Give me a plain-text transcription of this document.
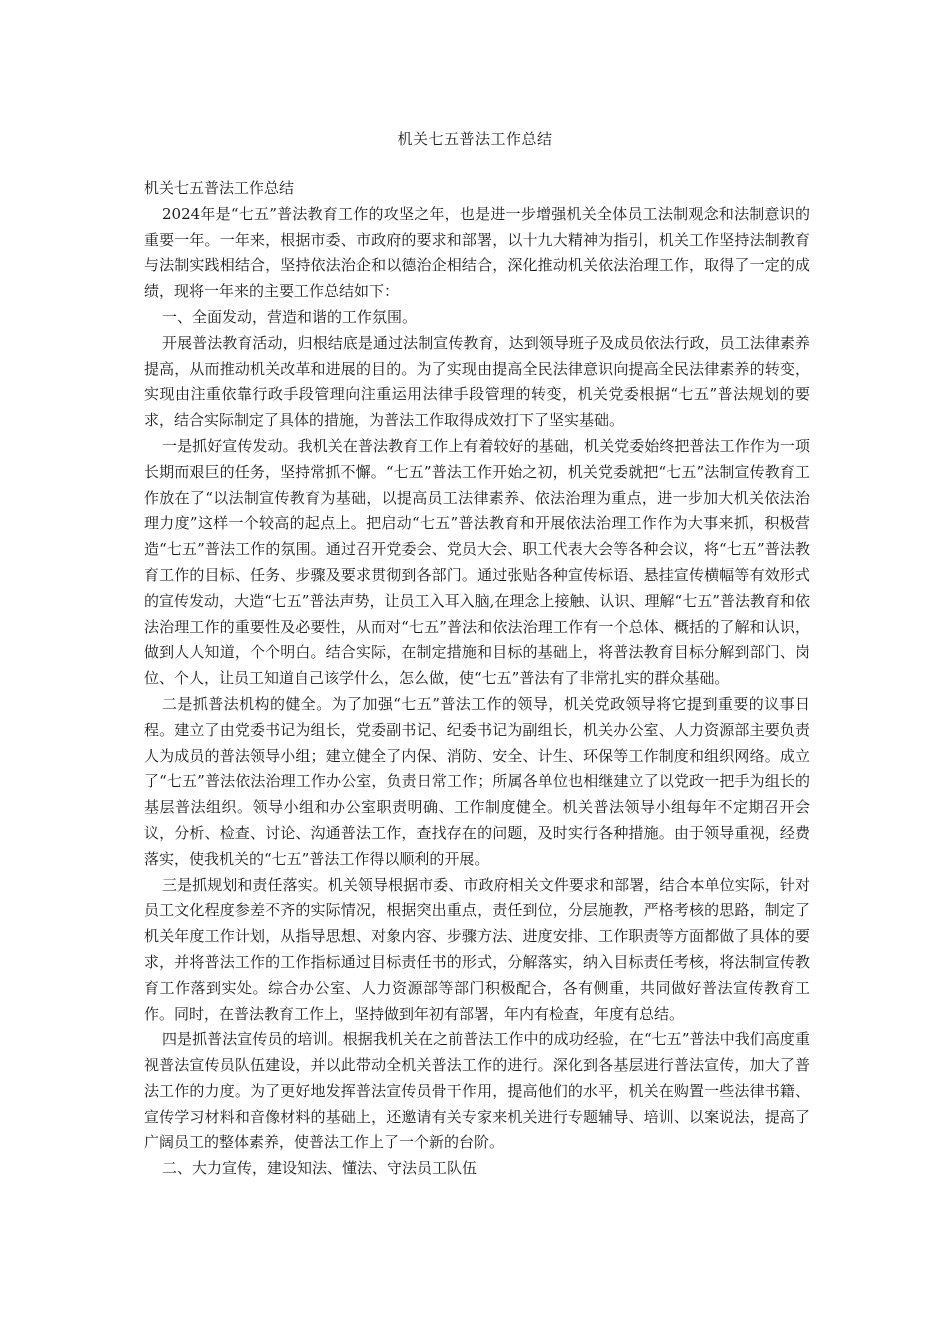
机关七五普法工作总结

机关七五普法工作总结

2024年是“七五”普法教育工作的攻坚之年，也是进一步增强机关全体员工法制观念和法制意识的重要一年。一年来，根据市委、市政府的要求和部署，以十九大精神为指引，机关工作坚持法制教育与法制实践相结合，坚持依法治企和以德治企相结合，深化推动机关依法治理工作，取得了一定的成绩，现将一年来的主要工作总结如下：

一、全面发动，营造和谐的工作氛围。

开展普法教育活动，归根结底是通过法制宣传教育，达到领导班子及成员依法行政，员工法律素养提高，从而推动机关改革和进展的目的。为了实现由提高全民法律意识向提高全民法律素养的转变，实现由注重依靠行政手段管理向注重运用法律手段管理的转变，机关党委根据“七五”普法规划的要求，结合实际制定了具体的措施，为普法工作取得成效打下了坚实基础。

一是抓好宣传发动。我机关在普法教育工作上有着较好的基础，机关党委始终把普法工作作为一项长期而艰巨的任务，坚持常抓不懈。“七五”普法工作开始之初，机关党委就把“七五”法制宣传教育工作放在了“以法制宣传教育为基础，以提高员工法律素养、依法治理为重点，进一步加大机关依法治理力度”这样一个较高的起点上。把启动“七五”普法教育和开展依法治理工作作为大事来抓，积极营造“七五”普法工作的氛围。通过召开党委会、党员大会、职工代表大会等各种会议，将“七五”普法教育工作的目标、任务、步骤及要求贯彻到各部门。通过张贴各种宣传标语、悬挂宣传横幅等有效形式的宣传发动，大造“七五”普法声势，让员工入耳入脑,在理念上接触、认识、理解“七五”普法教育和依法治理工作的重要性及必要性，从而对“七五”普法和依法治理工作有一个总体、概括的了解和认识，做到人人知道，个个明白。结合实际，在制定措施和目标的基础上，将普法教育目标分解到部门、岗位、个人，让员工知道自己该学什么，怎么做，使“七五”普法有了非常扎实的群众基础。

二是抓普法机构的健全。为了加强“七五”普法工作的领导，机关党政领导将它提到重要的议事日程。建立了由党委书记为组长，党委副书记、纪委书记为副组长，机关办公室、人力资源部主要负责人为成员的普法领导小组；建立健全了内保、消防、安全、计生、环保等工作制度和组织网络。成立了“七五”普法依法治理工作办公室，负责日常工作；所属各单位也相继建立了以党政一把手为组长的基层普法组织。领导小组和办公室职责明确、工作制度健全。机关普法领导小组每年不定期召开会议，分析、检查、讨论、沟通普法工作，查找存在的问题，及时实行各种措施。由于领导重视，经费落实，使我机关的“七五”普法工作得以顺利的开展。

三是抓规划和责任落实。机关领导根据市委、市政府相关文件要求和部署，结合本单位实际，针对员工文化程度参差不齐的实际情况，根据突出重点，责任到位，分层施教，严格考核的思路，制定了机关年度工作计划，从指导思想、对象内容、步骤方法、进度安排、工作职责等方面都做了具体的要求，并将普法工作的工作指标通过目标责任书的形式，分解落实，纳入目标责任考核，将法制宣传教育工作落到实处。综合办公室、人力资源部等部门积极配合，各有侧重，共同做好普法宣传教育工作。同时，在普法教育工作上，坚持做到年初有部署，年内有检查，年度有总结。

四是抓普法宣传员的培训。根据我机关在之前普法工作中的成功经验，在“七五”普法中我们高度重视普法宣传员队伍建设，并以此带动全机关普法工作的进行。深化到各基层进行普法宣传，加大了普法工作的力度。为了更好地发挥普法宣传员骨干作用，提高他们的水平，机关在购置一些法律书籍、宣传学习材料和音像材料的基础上，还邀请有关专家来机关进行专题辅导、培训、以案说法，提高了广阔员工的整体素养，使普法工作上了一个新的台阶。

二、大力宣传，建设知法、懂法、守法员工队伍
